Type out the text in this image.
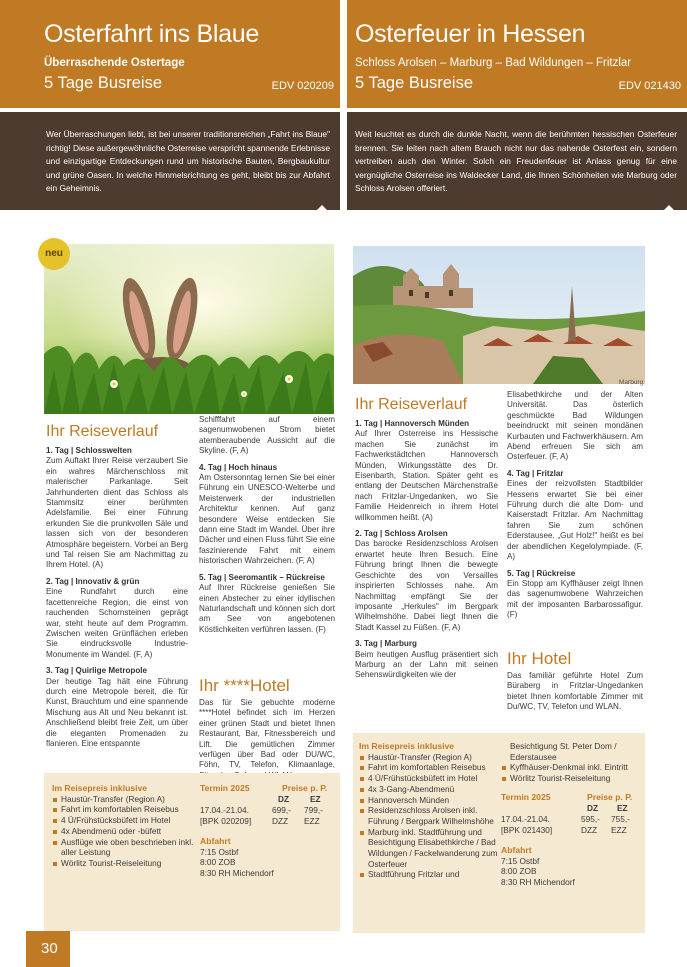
Osterfahrt ins Blaue
Überraschende Ostertage
5 Tage Busreise	EDV 020209
Wer Überraschungen liebt, ist bei unserer traditionsreichen „Fahrt ins Blaue" richtig! Diese außergewöhnliche Osterreise verspricht spannende Erlebnisse und einzigartige Entdeckungen rund um historische Bauten, Bergbaukultur und grüne Oasen. In welche Himmelsrichtung es geht, bleibt bis zur Abfahrt ein Geheimnis.
neu
Ihr Reiseverlauf

1. Tag | Schlosswelten
Zum Auftakt Ihrer Reise verzaubert Sie ein wahres Märchenschloss mit malerischer Parkanlage. Seit Jahrhunderten dient das Schloss als Stammsitz einer berühmten Adelsfamilie. Bei einer Führung erkunden Sie die prunkvollen Säle und lassen sich von der besonderen Atmosphäre begeistern. Vorbei an Berg und Tal reisen Sie am Nachmittag zu Ihrem Hotel. (A)

2. Tag | Innovativ & grün
Eine Rundfahrt durch eine facettenreiche Region, die einst von rauchenden Schornsteinen geprägt war, steht heute auf dem Programm. Zwischen weiten Grünflächen erleben Sie eindrucksvolle Industrie-Monumente im Wandel. (F, A)

3. Tag | Quirlige Metropole
Der heutige Tag hält eine Führung durch eine Metropole bereit, die für Kunst, Brauchtum und eine spannende Mischung aus Alt und Neu bekannt ist. Anschließend bleibt freie Zeit, um über die eleganten Promenaden zu flanieren. Eine entspannte

Schifffahrt auf einem sagenumwobenen Strom bietet atemberaubende Aussicht auf die Skyline. (F, A)

4. Tag | Hoch hinaus
Am Ostersonntag lernen Sie bei einer Führung ein UNESCO-Welterbe und Meisterwerk der industriellen Architektur kennen. Auf ganz besondere Weise entdecken Sie dann eine Stadt im Wandel. Über ihre Dächer und einen Fluss führt Sie eine faszinierende Fahrt mit einem historischen Wahrzeichen. (F, A)

5. Tag | Seeromantik – Rückreise
Auf Ihrer Rückreise genießen Sie einen Abstecher zu einer idyllischen Naturlandschaft und können sich dort am See von angebotenen Köstlichkeiten verführen lassen. (F)

Ihr ****Hotel
Das für Sie gebuchte moderne ****Hotel befindet sich im Herzen einer grünen Stadt und bietet Ihnen Restaurant, Bar, Fitnessbereich und Lift. Die gemütlichen Zimmer verfügen über Bad oder DU/WC, Föhn, TV, Telefon, Klimaanlage,
Im Reisepreis inklusive
Haustür-Transfer (Region A)
Fahrt im komfortablen Reisebus
4 Ü/Frühstücksbüfett im Hotel
4x Abendmenü oder -büfett
Ausflüge wie oben beschrieben inkl. aller Leistung
Wörlitz Tourist-Reiseleitung
Termin 2025	Preise p. P.
DZ	EZ
17.04.-21.04.	699,- 799,-
[BPK 020209]	DZZ EZZ
Abfahrt
7:15 Ostbf
8:00 ZOB
8:30 RH Michendorf
30
Osterfeuer in Hessen
Schloss Arolsen – Marburg – Bad Wildungen – Fritzlar
5 Tage Busreise	EDV 021430
Weit leuchtet es durch die dunkle Nacht, wenn die berühmten hessischen Osterfeuer brennen. Sie leiten nach altem Brauch nicht nur das nahende Osterfest ein, sondern vertreiben auch den Winter. Solch ein Freudenfeuer ist Anlass genug für eine vergnügliche Osterreise ins Waldecker Land, die Ihnen Schönheiten wie Marburg oder Schloss Arolsen offeriert.
Marburg
Ihr Reiseverlauf

1. Tag | Hannoversch Münden
Auf Ihrer Osterreise ins Hessische machen Sie zunächst im Fachwerkstädtchen Hannoversch Münden, Wirkungsstätte des Dr. Eisenbarth, Station. Später geht es entlang der Deutschen Märchenstraße nach Fritzlar-Ungedanken, wo Sie Familie Heidenreich in ihrem Hotel willkommen heißt. (A)

2. Tag | Schloss Arolsen
Das barocke Residenzschloss Arolsen erwartet heute Ihren Besuch. Eine Führung bringt Ihnen die bewegte Geschichte des von Versailles inspirierten Schlosses nahe. Am Nachmittag empfängt Sie der imposante „Herkules" im Bergpark Wilhelmshöhe. Dabei liegt Ihnen die Stadt Kassel zu Füßen. (F, A)

3. Tag | Marburg
Beim heutigen Ausflug präsentiert sich Marburg an der Lahn mit seinen Sehenswürdigkeiten wie der

Elisabethkirche und der Alten Universität. Das österlich geschmückte Bad Wildungen beeindruckt mit seinen mondänen Kurbauten und Fachwerkhäusern. Am Abend erfreuen Sie sich am Osterfeuer. (F, A)

4. Tag | Fritzlar
Eines der reizvollsten Stadtbilder Hessens erwartet Sie bei einer Führung durch die alte Dom- und Kaiserstadt Fritzlar. Am Nachmittag fahren Sie zum schönen Ederstausee. „Gut Holz!" heißt es bei der abendlichen Kegelolympiade. (F, A)

5. Tag | Rückreise
Ein Stopp am Kyffhäuser zeigt Ihnen das sagenumwobene Wahrzeichen mit der imposanten Barbarossafigur. (F)

Ihr Hotel
Das familiär geführte Hotel Zum Büraberg in Fritzlar-Ungedanken bietet Ihnen komfortable Zimmer mit Du/WC, TV, Telefon und WLAN.
Im Reisepreis inklusive
Haustür-Transfer (Region A)
Fahrt im komfortablen Reisebus
4 Ü/Frühstücksbüfett im Hotel
4x 3-Gang-Abendmenü
Hannoversch Münden
Residenzschloss Arolsen inkl. Führung / Bergpark Wilhelmshöhe
Marburg inkl. Stadtführung und Besichtigung Elisabethkirche / Bad Wildungen / Fackelwanderung zum Osterfeuer
Stadtführung Fritzlar und
Besichtigung St. Peter Dom / Ederstausee
Kyffhäuser-Denkmal inkl. Eintritt
Wörlitz Tourist-Reiseleitung
Termin 2025	Preise p. P.
DZ EZ
17.04.-21.04.	595,- 755,-
[BPK 021430]	DZZ EZZ
Abfahrt
7:15 Ostbf
8:00 ZOB
8:30 RH Michendorf
